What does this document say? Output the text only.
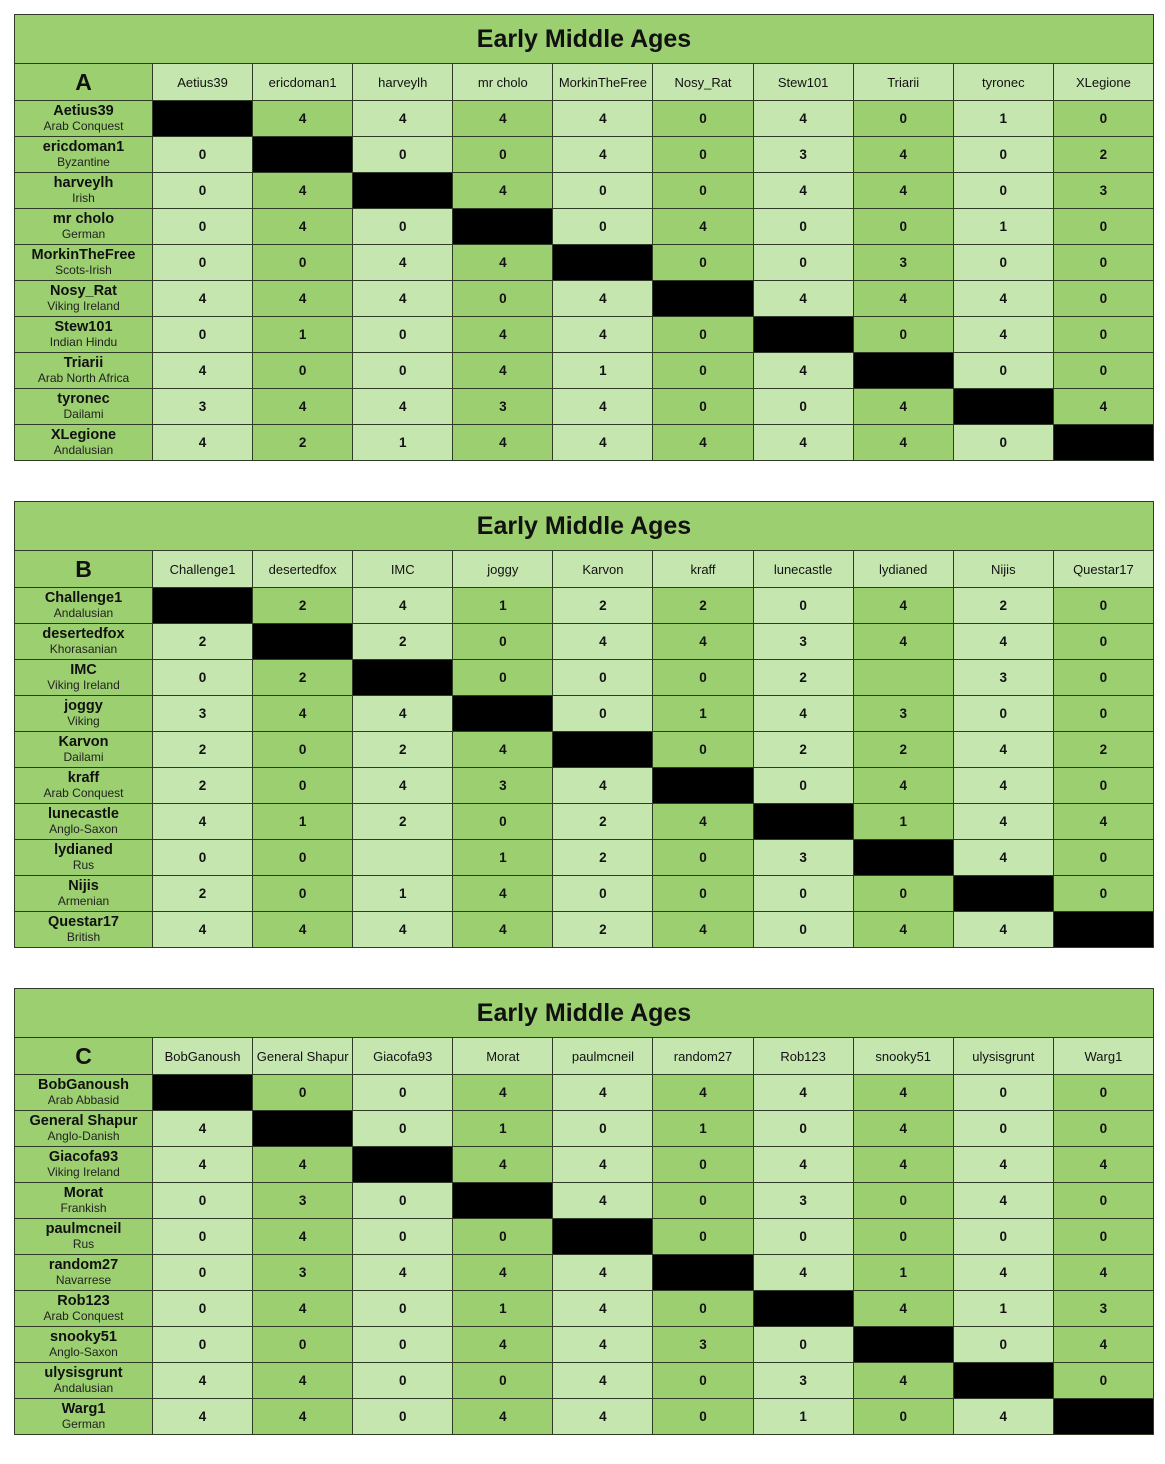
Early Middle Ages										
A	Aetius39	ericdoman1	harveylh	mr cholo	MorkinTheFree	Nosy_Rat	Stew101	Triarii	tyronec	XLegione

Aetius39
Arab Conquest		4	4	4	4	0	4	0	1	0

ericdoman1
Byzantine	0		0	0	4	0	3	4	0	2

harveylh
Irish	0	4		4	0	0	4	4	0	3

mr cholo
German	0	4	0		0	4	0	0	1	0

MorkinTheFree
Scots-Irish	0	0	4	4		0	0	3	0	0

Nosy_Rat
Viking Ireland	4	4	4	0	4		4	4	4	0

Stew101
Indian Hindu	0	1	0	4	4	0		0	4	0

Triarii
Arab North Africa	4	0	0	4	1	0	4		0	0

tyronec
Dailami	3	4	4	3	4	0	0	4		4

XLegione
Andalusian	4	2	1	4	4	4	4	4	0	
Early Middle Ages										
B	Challenge1	desertedfox	IMC	joggy	Karvon	kraff	lunecastle	lydianed	Nijis	Questar17

Challenge1
Andalusian		2	4	1	2	2	0	4	2	0

desertedfox
Khorasanian	2		2	0	4	4	3	4	4	0

IMC
Viking Ireland	0	2		0	0	0	2		3	0

joggy
Viking	3	4	4		0	1	4	3	0	0

Karvon
Dailami	2	0	2	4		0	2	2	4	2

kraff
Arab Conquest	2	0	4	3	4		0	4	4	0

lunecastle
Anglo-Saxon	4	1	2	0	2	4		1	4	4

lydianed
Rus	0	0		1	2	0	3		4	0

Nijis
Armenian	2	0	1	4	0	0	0	0		0

Questar17
British	4	4	4	4	2	4	0	4	4	
Early Middle Ages										
C	BobGanoush	General Shapur	Giacofa93	Morat	paulmcneil	random27	Rob123	snooky51	ulysisgrunt	Warg1

BobGanoush
Arab Abbasid		0	0	4	4	4	4	4	0	0

General Shapur
Anglo-Danish	4		0	1	0	1	0	4	0	0

Giacofa93
Viking Ireland	4	4		4	4	0	4	4	4	4

Morat
Frankish	0	3	0		4	0	3	0	4	0

paulmcneil
Rus	0	4	0	0		0	0	0	0	0

random27
Navarrese	0	3	4	4	4		4	1	4	4

Rob123
Arab Conquest	0	4	0	1	4	0		4	1	3

snooky51
Anglo-Saxon	0	0	0	4	4	3	0		0	4

ulysisgrunt
Andalusian	4	4	0	0	4	0	3	4		0

Warg1
German	4	4	0	4	4	0	1	0	4	
